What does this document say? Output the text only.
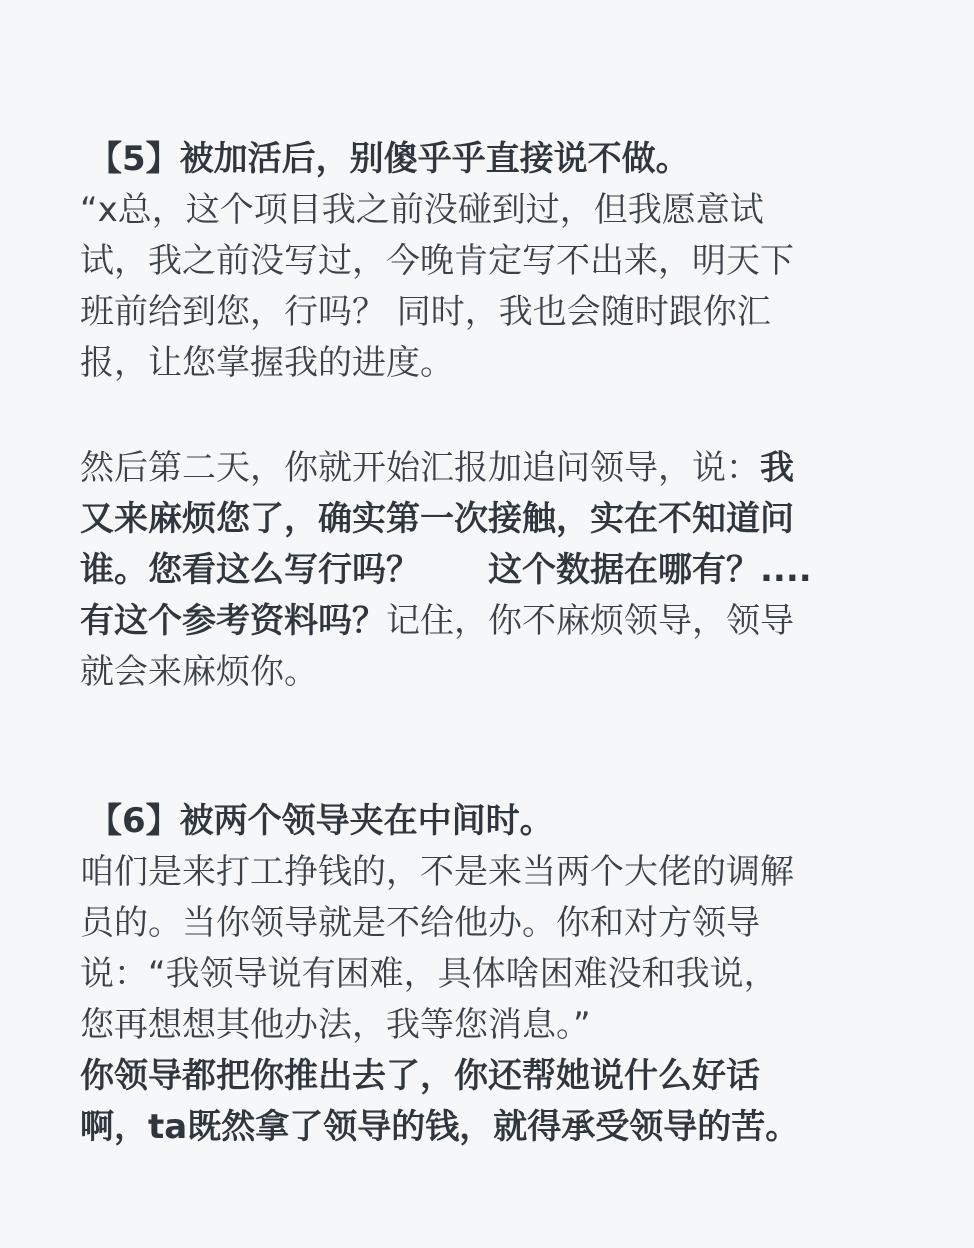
【5】被加活后，别傻乎乎直接说不做。
“x总，这个项目我之前没碰到过，但我愿意试
试，我之前没写过，今晚肯定写不出来，明天下
班前给到您，行吗？ 同时，我也会随时跟你汇
报，让您掌握我的进度。
然后第二天，你就开始汇报加追问领导，说：我
又来麻烦您了，确实第一次接触，实在不知道问
谁。您看这么写行吗？ 这个数据在哪有？....
有这个参考资料吗？记住，你不麻烦领导，领导
就会来麻烦你。
【6】被两个领导夹在中间时。
咱们是来打工挣钱的，不是来当两个大佬的调解
员的。当你领导就是不给他办。你和对方领导
说：“我领导说有困难，具体啥困难没和我说，
您再想想其他办法，我等您消息。”
你领导都把你推出去了，你还帮她说什么好话
啊，ta既然拿了领导的钱，就得承受领导的苦。
